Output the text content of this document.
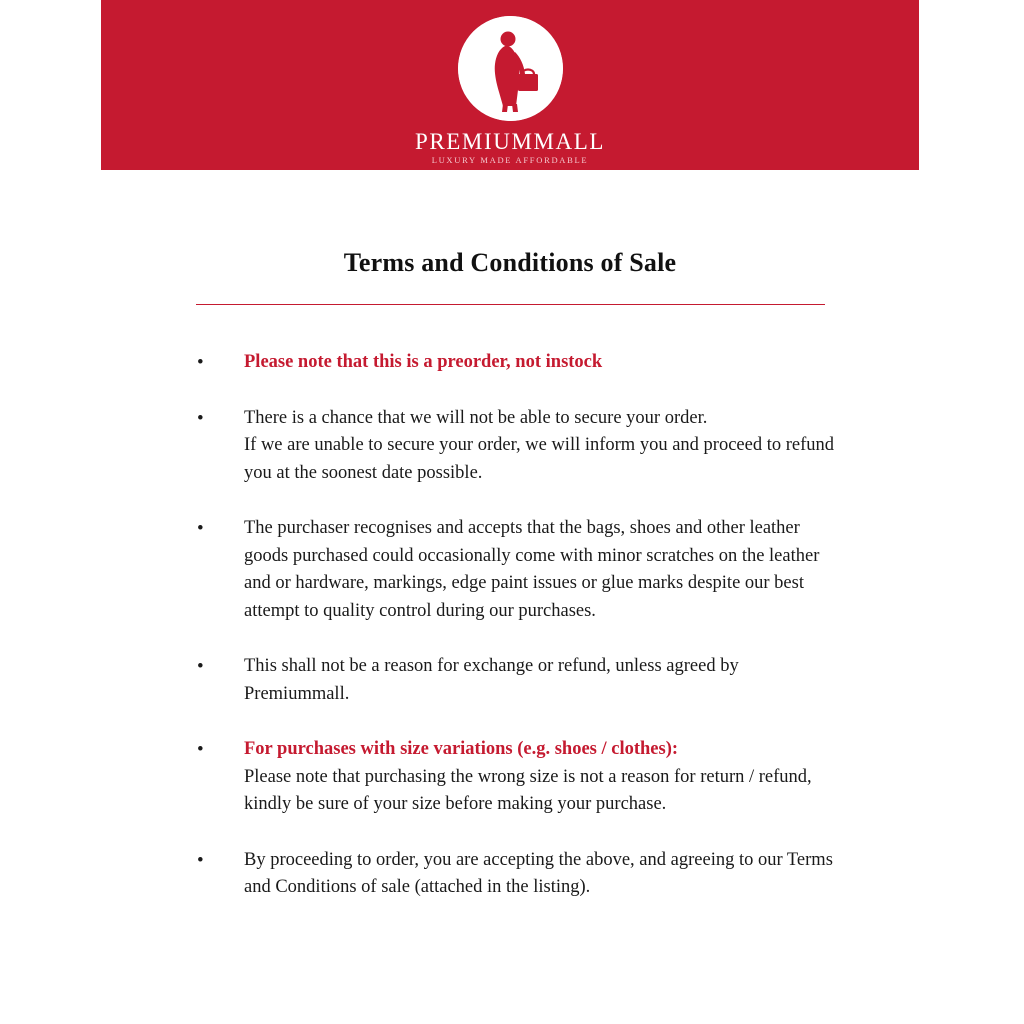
PREMIUMMALL
LUXURY MADE AFFORDABLE
Terms and Conditions of Sale
• Please note that this is a preorder, not instock
• There is a chance that we will not be able to secure your order.
If we are unable to secure your order, we will inform you and proceed to refund you at the soonest date possible.
• The purchaser recognises and accepts that the bags, shoes and other leather goods purchased could occasionally come with minor scratches on the leather and or hardware, markings, edge paint issues or glue marks despite our best attempt to quality control during our purchases.
• This shall not be a reason for exchange or refund, unless agreed by Premiummall.
• For purchases with size variations (e.g. shoes / clothes):
Please note that purchasing the wrong size is not a reason for return / refund, kindly be sure of your size before making your purchase.
• By proceeding to order, you are accepting the above, and agreeing to our Terms and Conditions of sale (attached in the listing).
